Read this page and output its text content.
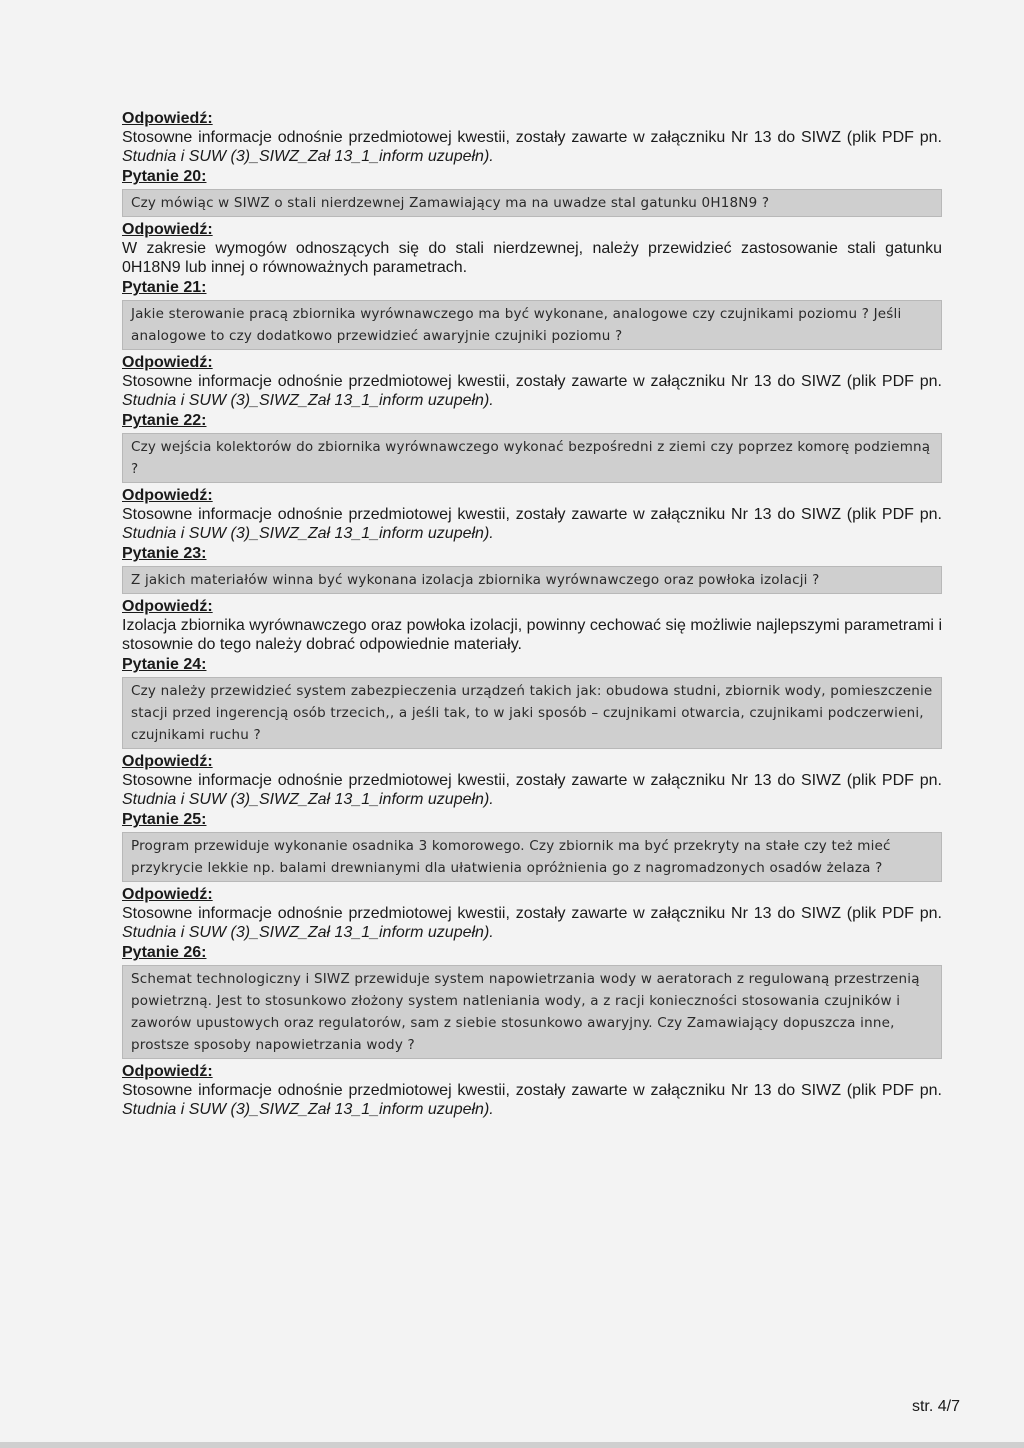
Odpowiedź:

Stosowne informacje odnośnie przedmiotowej kwestii, zostały zawarte w załączniku Nr 13 do SIWZ (plik PDF pn. Studnia i SUW (3)_SIWZ_Zał 13_1_inform uzupełn).

Pytanie 20:
Czy mówiąc w SIWZ o stali nierdzewnej Zamawiający ma na uwadze stal gatunku 0H18N9 ?
Odpowiedź:

W zakresie wymogów odnoszących się do stali nierdzewnej, należy przewidzieć zastosowanie stali gatunku 0H18N9 lub innej o równoważnych parametrach.

Pytanie 21:
Jakie sterowanie pracą zbiornika wyrównawczego ma być wykonane, analogowe czy czujnikami poziomu ? Jeśli analogowe to czy dodatkowo przewidzieć awaryjnie czujniki poziomu ?
Odpowiedź:

Stosowne informacje odnośnie przedmiotowej kwestii, zostały zawarte w załączniku Nr 13 do SIWZ (plik PDF pn. Studnia i SUW (3)_SIWZ_Zał 13_1_inform uzupełn).

Pytanie 22:
Czy wejścia kolektorów do zbiornika wyrównawczego wykonać bezpośredni z ziemi czy poprzez komorę podziemną ?
Odpowiedź:

Stosowne informacje odnośnie przedmiotowej kwestii, zostały zawarte w załączniku Nr 13 do SIWZ (plik PDF pn. Studnia i SUW (3)_SIWZ_Zał 13_1_inform uzupełn).

Pytanie 23:
Z jakich materiałów winna być wykonana izolacja zbiornika wyrównawczego oraz powłoka izolacji ?
Odpowiedź:

Izolacja zbiornika wyrównawczego oraz powłoka izolacji, powinny cechować się możliwie najlepszymi parametrami i stosownie do tego należy dobrać odpowiednie materiały.

Pytanie 24:
Czy należy przewidzieć system zabezpieczenia urządzeń takich jak: obudowa studni, zbiornik wody, pomieszczenie stacji przed ingerencją osób trzecich,, a jeśli tak, to w jaki sposób – czujnikami otwarcia, czujnikami podczerwieni, czujnikami ruchu ?
Odpowiedź:

Stosowne informacje odnośnie przedmiotowej kwestii, zostały zawarte w załączniku Nr 13 do SIWZ (plik PDF pn. Studnia i SUW (3)_SIWZ_Zał 13_1_inform uzupełn).

Pytanie 25:
Program przewiduje wykonanie osadnika 3 komorowego. Czy zbiornik ma być przekryty na stałe czy też mieć przykrycie lekkie np. balami drewnianymi dla ułatwienia opróżnienia go z nagromadzonych osadów żelaza ?
Odpowiedź:

Stosowne informacje odnośnie przedmiotowej kwestii, zostały zawarte w załączniku Nr 13 do SIWZ (plik PDF pn. Studnia i SUW (3)_SIWZ_Zał 13_1_inform uzupełn).

Pytanie 26:
Schemat technologiczny i SIWZ przewiduje system napowietrzania wody w aeratorach z regulowaną przestrzenią powietrzną. Jest to stosunkowo złożony system natleniania wody, a z racji konieczności stosowania czujników i zaworów upustowych oraz regulatorów, sam z siebie stosunkowo awaryjny. Czy Zamawiający dopuszcza inne, prostsze sposoby napowietrzania wody ?
Odpowiedź:

Stosowne informacje odnośnie przedmiotowej kwestii, zostały zawarte w załączniku Nr 13 do SIWZ (plik PDF pn. Studnia i SUW (3)_SIWZ_Zał 13_1_inform uzupełn).

str. 4/7
